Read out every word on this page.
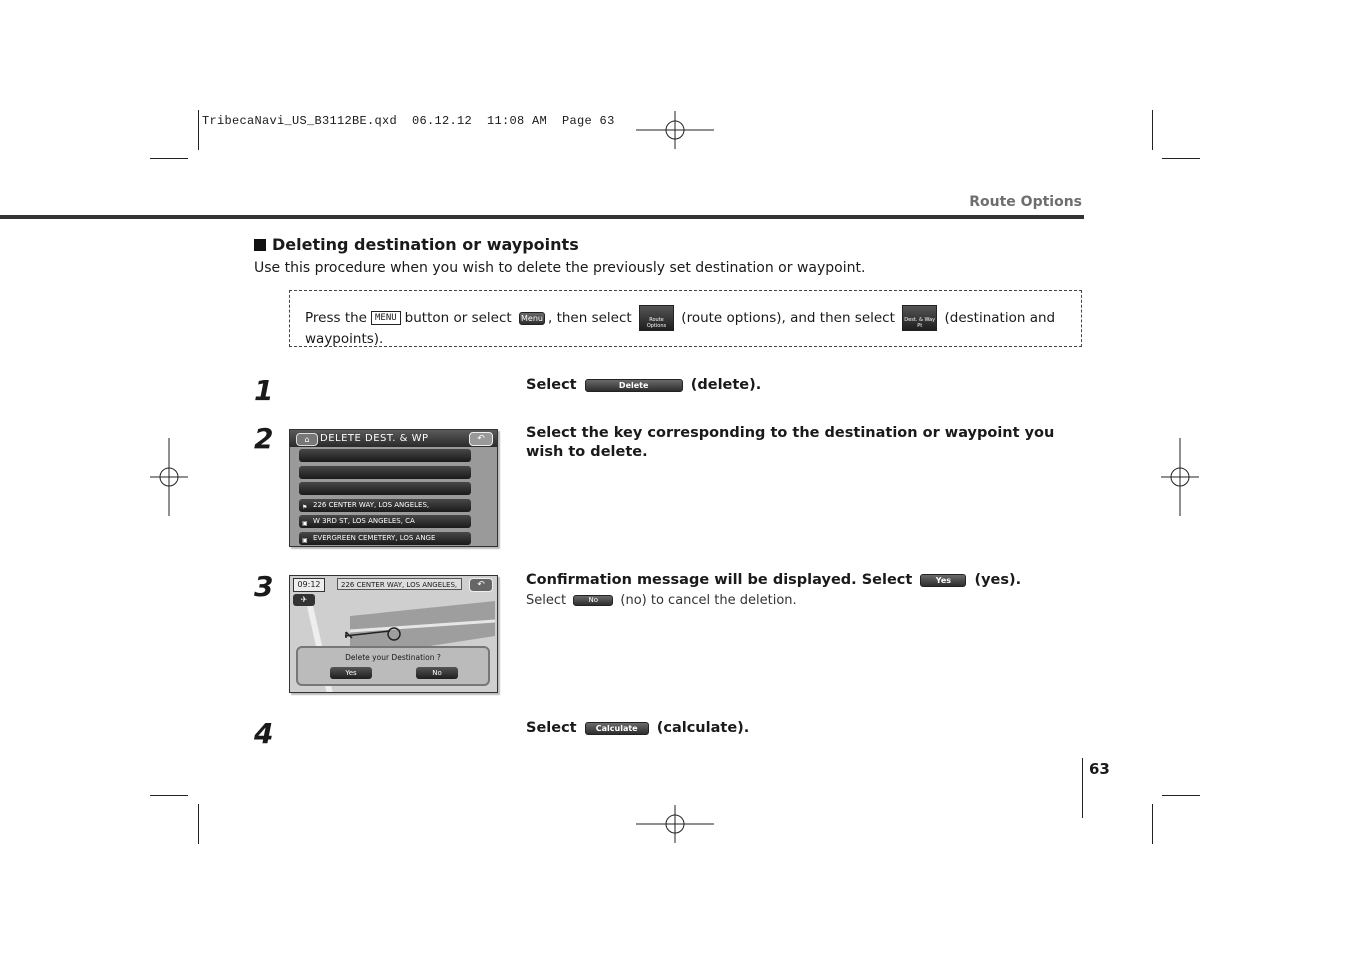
TribecaNavi_US_B3112BE.qxd  06.12.12  11:08 AM  Page 63
Route Options
Deleting destination or waypoints
Use this procedure when you wish to delete the previously set destination or waypoint.
Press the MENU button or select Menu , then select	Route Options	(route options), and then select Dest. & Way Pt	(destination and waypoints).
1	Select	Delete	(delete).
2	⌂	DELETE DEST. & WP	↶
⚑ 226 CENTER WAY, LOS ANGELES,
▣ W 3RD ST, LOS ANGELES, CA
▣ EVERGREEN CEMETERY, LOS ANGE
Select the key corresponding to the destination or waypoint you wish to delete.
3	09:12	226 CENTER WAY, LOS ANGELES,	↶
✈
Delete your Destination ?
Yes	No
Confirmation message will be displayed. Select	Yes (yes).
Select	No (no) to cancel the deletion.
4	Select Calculate (calculate).
63
